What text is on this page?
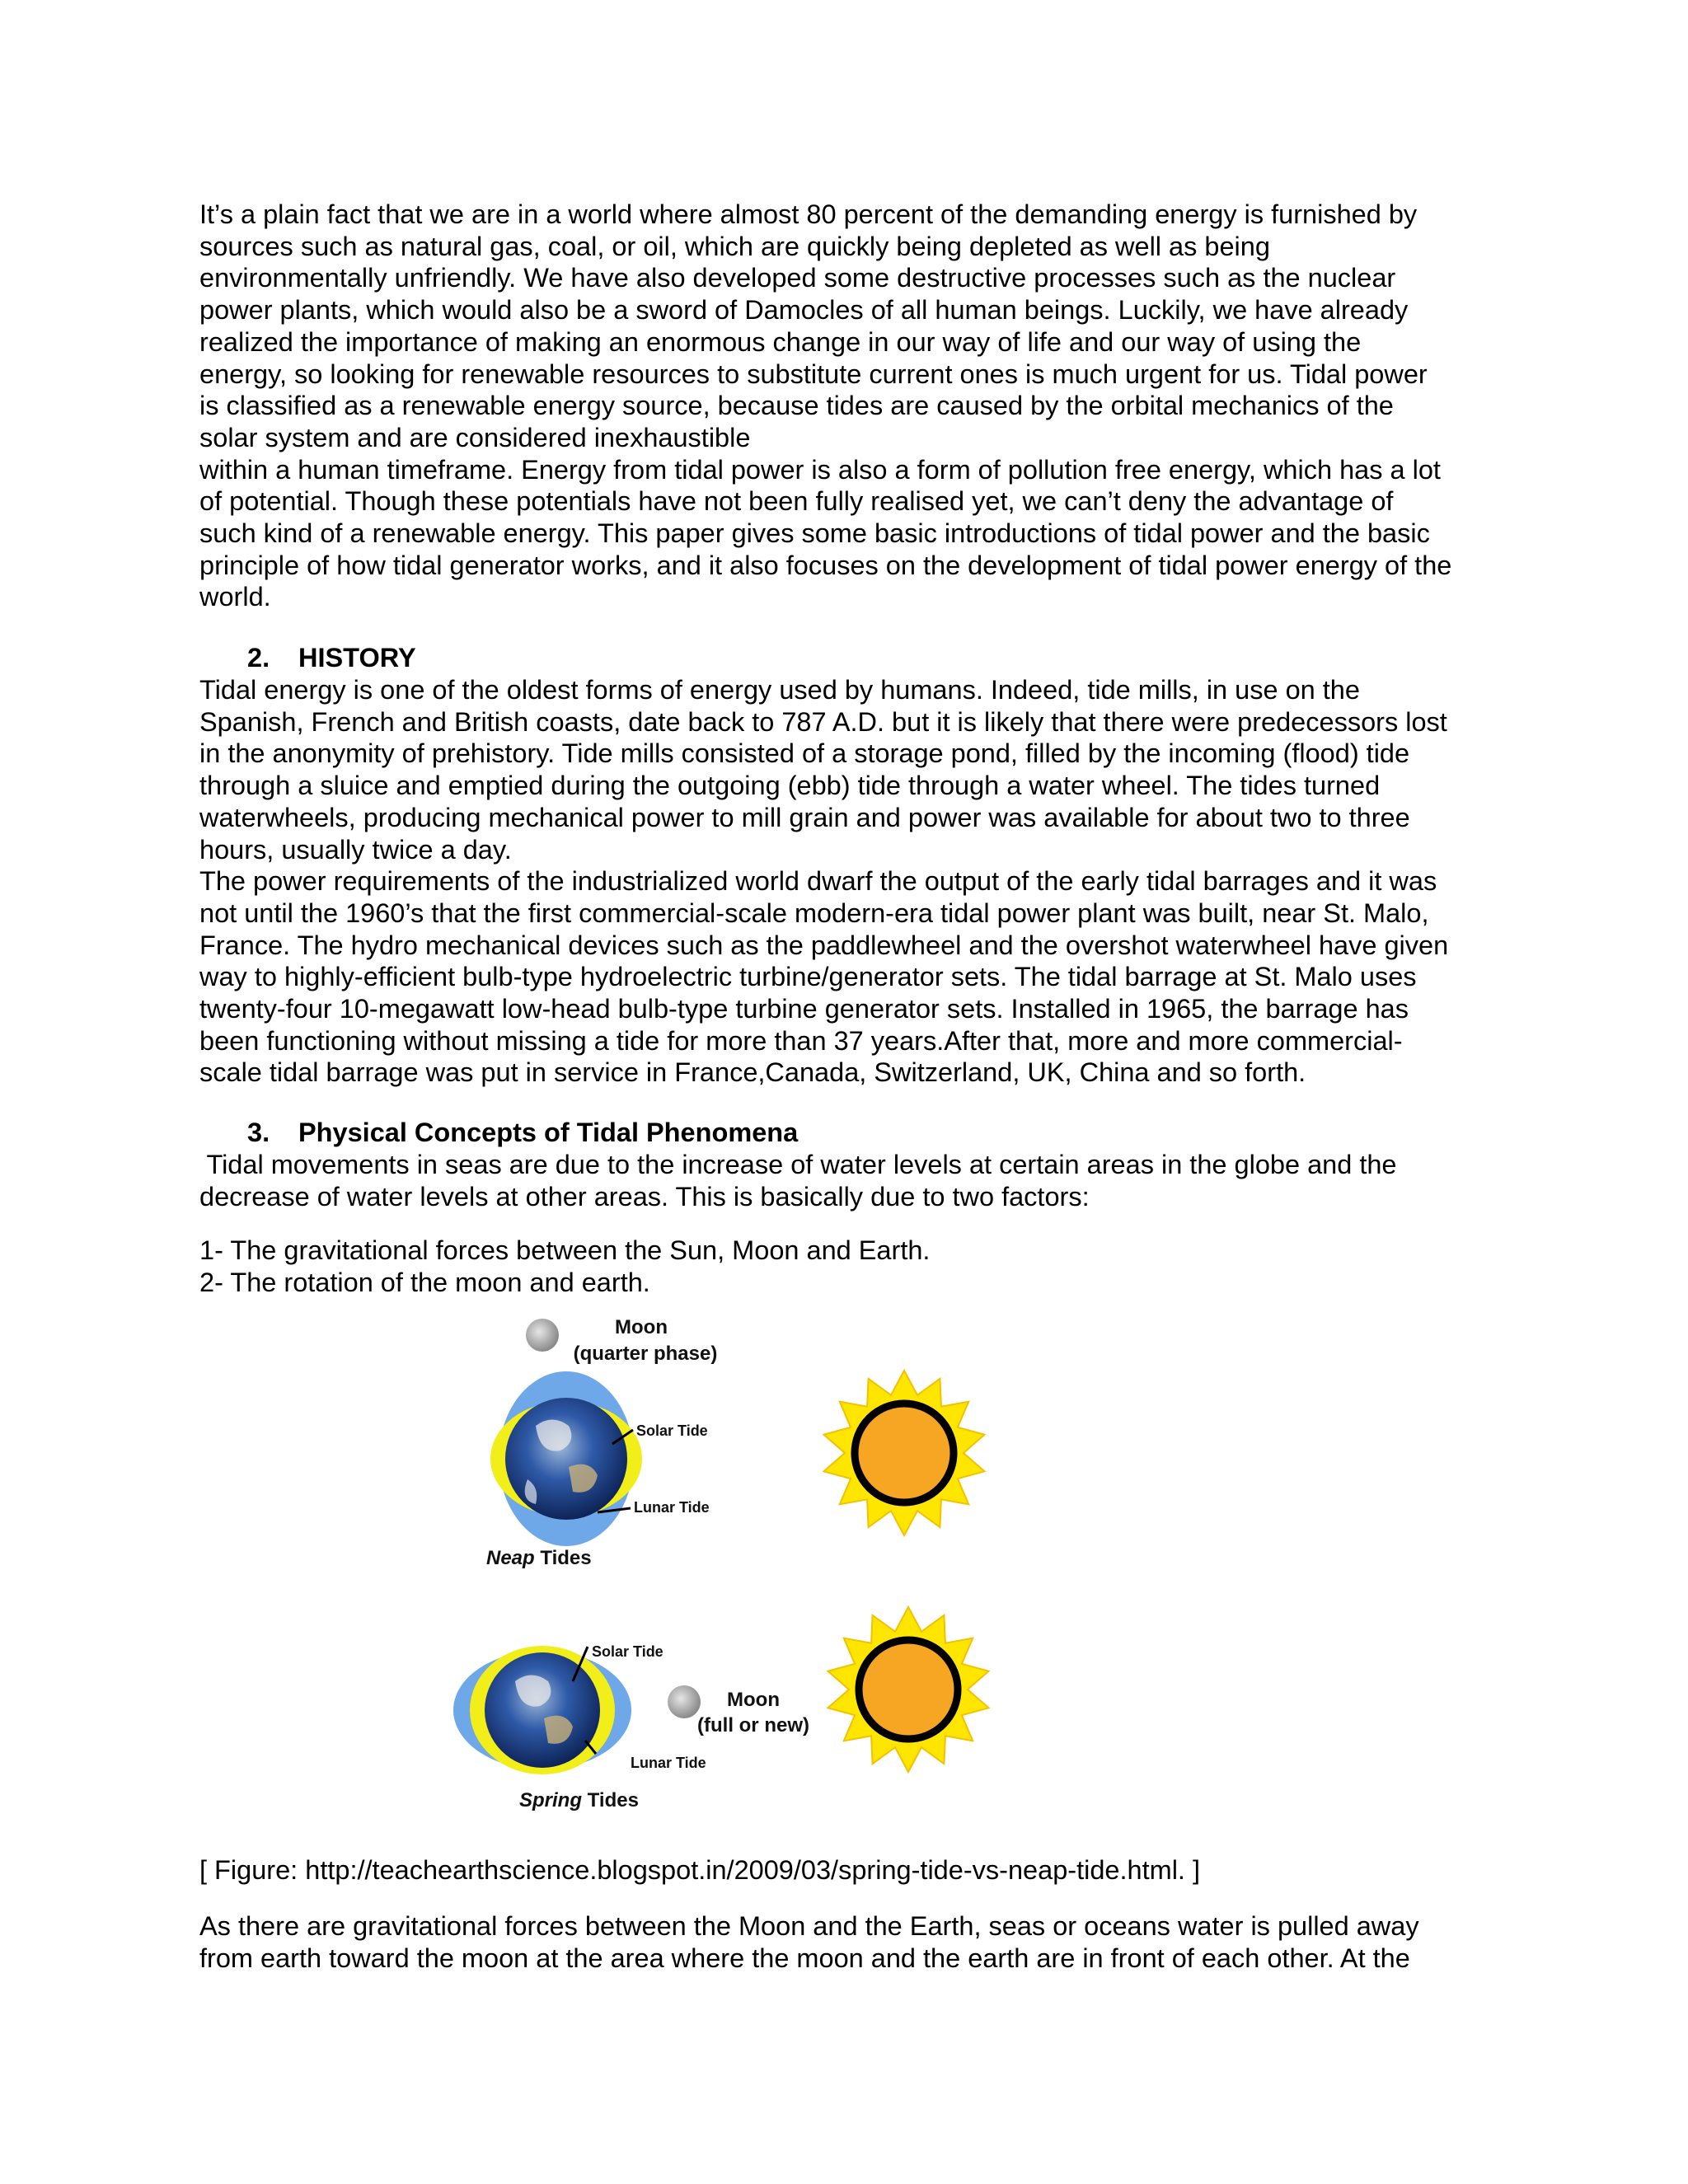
It’s a plain fact that we are in a world where almost 80 percent of the demanding energy is furnished by
sources such as natural gas, coal, or oil, which are quickly being depleted as well as being
environmentally unfriendly. We have also developed some destructive processes such as the nuclear
power plants, which would also be a sword of Damocles of all human beings. Luckily, we have already
realized the importance of making an enormous change in our way of life and our way of using the
energy, so looking for renewable resources to substitute current ones is much urgent for us. Tidal power
is classified as a renewable energy source, because tides are caused by the orbital mechanics of the
solar system and are considered inexhaustible
within a human timeframe. Energy from tidal power is also a form of pollution free energy, which has a lot
of potential. Though these potentials have not been fully realised yet, we can’t deny the advantage of
such kind of a renewable energy. This paper gives some basic introductions of tidal power and the basic
principle of how tidal generator works, and it also focuses on the development of tidal power energy of the
world.
2. HISTORY
Tidal energy is one of the oldest forms of energy used by humans. Indeed, tide mills, in use on the
Spanish, French and British coasts, date back to 787 A.D. but it is likely that there were predecessors lost
in the anonymity of prehistory. Tide mills consisted of a storage pond, filled by the incoming (flood) tide
through a sluice and emptied during the outgoing (ebb) tide through a water wheel. The tides turned
waterwheels, producing mechanical power to mill grain and power was available for about two to three
hours, usually twice a day.
The power requirements of the industrialized world dwarf the output of the early tidal barrages and it was
not until the 1960’s that the first commercial-scale modern-era tidal power plant was built, near St. Malo,
France. The hydro mechanical devices such as the paddlewheel and the overshot waterwheel have given
way to highly-efficient bulb-type hydroelectric turbine/generator sets. The tidal barrage at St. Malo uses
twenty-four 10-megawatt low-head bulb-type turbine generator sets. Installed in 1965, the barrage has
been functioning without missing a tide for more than 37 years.After that, more and more commercial-
scale tidal barrage was put in service in France,Canada, Switzerland, UK, China and so forth.
3. Physical Concepts of Tidal Phenomena
Tidal movements in seas are due to the increase of water levels at certain areas in the globe and the
decrease of water levels at other areas. This is basically due to two factors:
1- The gravitational forces between the Sun, Moon and Earth.
2- The rotation of the moon and earth.
Moon
(quarter phase)
Solar Tide
Lunar Tide
Neap Tides
Solar Tide
Lunar Tide
Moon
(full or new)
Spring Tides
[ Figure: http://teachearthscience.blogspot.in/2009/03/spring-tide-vs-neap-tide.html. ]
As there are gravitational forces between the Moon and the Earth, seas or oceans water is pulled away
from earth toward the moon at the area where the moon and the earth are in front of each other. At the
